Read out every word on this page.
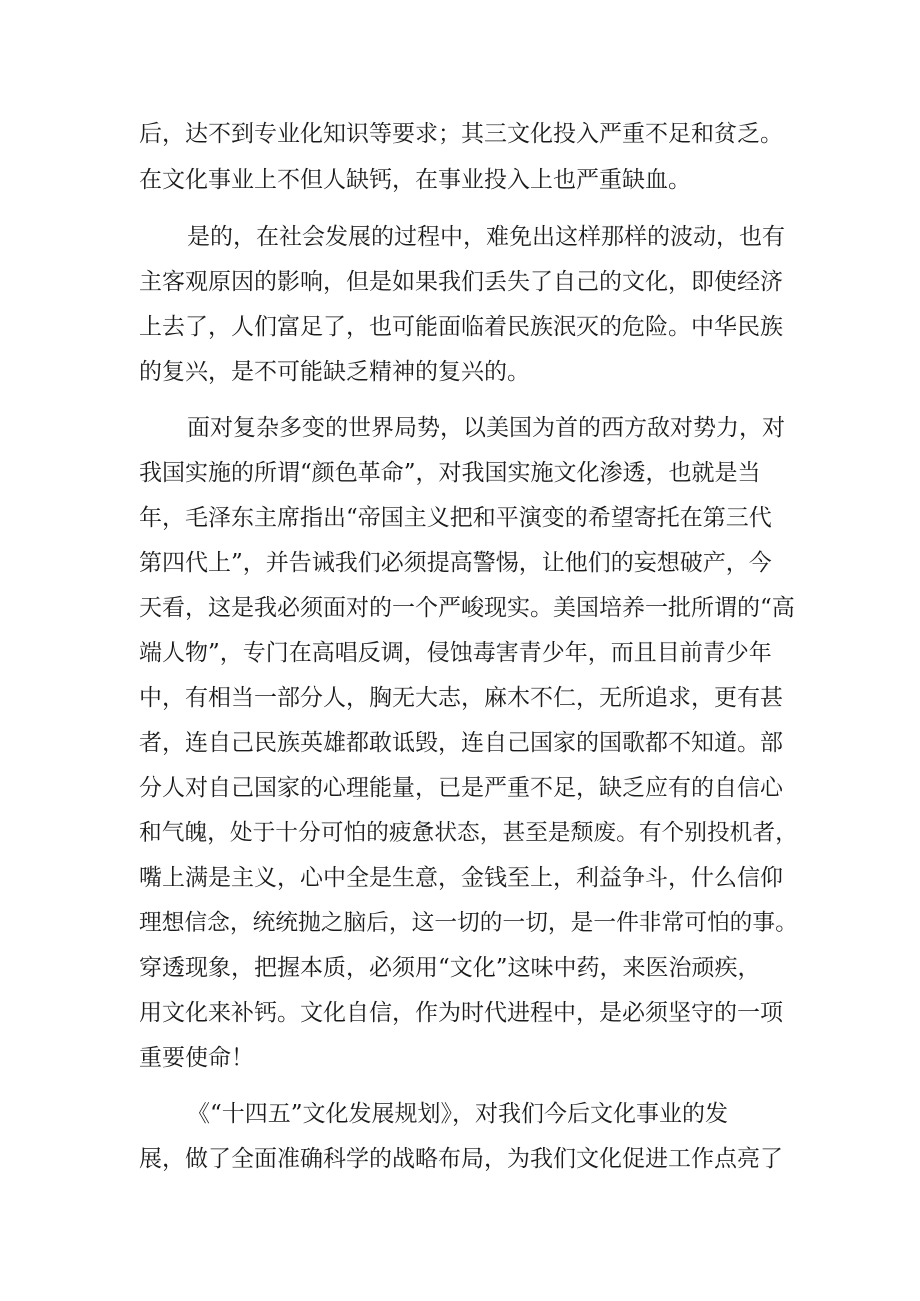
后，达不到专业化知识等要求；其三文化投入严重不足和贫乏。

在文化事业上不但人缺钙，在事业投入上也严重缺血。

是的，在社会发展的过程中，难免出这样那样的波动，也有

主客观原因的影响，但是如果我们丢失了自己的文化，即使经济

上去了，人们富足了，也可能面临着民族泯灭的危险。中华民族

的复兴，是不可能缺乏精神的复兴的。

面对复杂多变的世界局势，以美国为首的西方敌对势力，对

我国实施的所谓“颜色革命”，对我国实施文化渗透，也就是当

年，毛泽东主席指出“帝国主义把和平演变的希望寄托在第三代

第四代上”，并告诫我们必须提高警惕，让他们的妄想破产，今

天看，这是我必须面对的一个严峻现实。美国培养一批所谓的“高

端人物”，专门在高唱反调，侵蚀毒害青少年，而且目前青少年

中，有相当一部分人，胸无大志，麻木不仁，无所追求，更有甚

者，连自己民族英雄都敢诋毁，连自己国家的国歌都不知道。部

分人对自己国家的心理能量，已是严重不足，缺乏应有的自信心

和气魄，处于十分可怕的疲惫状态，甚至是颓废。有个别投机者，

嘴上满是主义，心中全是生意，金钱至上，利益争斗，什么信仰

理想信念，统统抛之脑后，这一切的一切，是一件非常可怕的事。

穿透现象，把握本质，必须用“文化”这味中药，来医治顽疾，

用文化来补钙。文化自信，作为时代进程中，是必须坚守的一项

重要使命！

《“十四五”文化发展规划》，对我们今后文化事业的发

展，做了全面准确科学的战略布局，为我们文化促进工作点亮了
